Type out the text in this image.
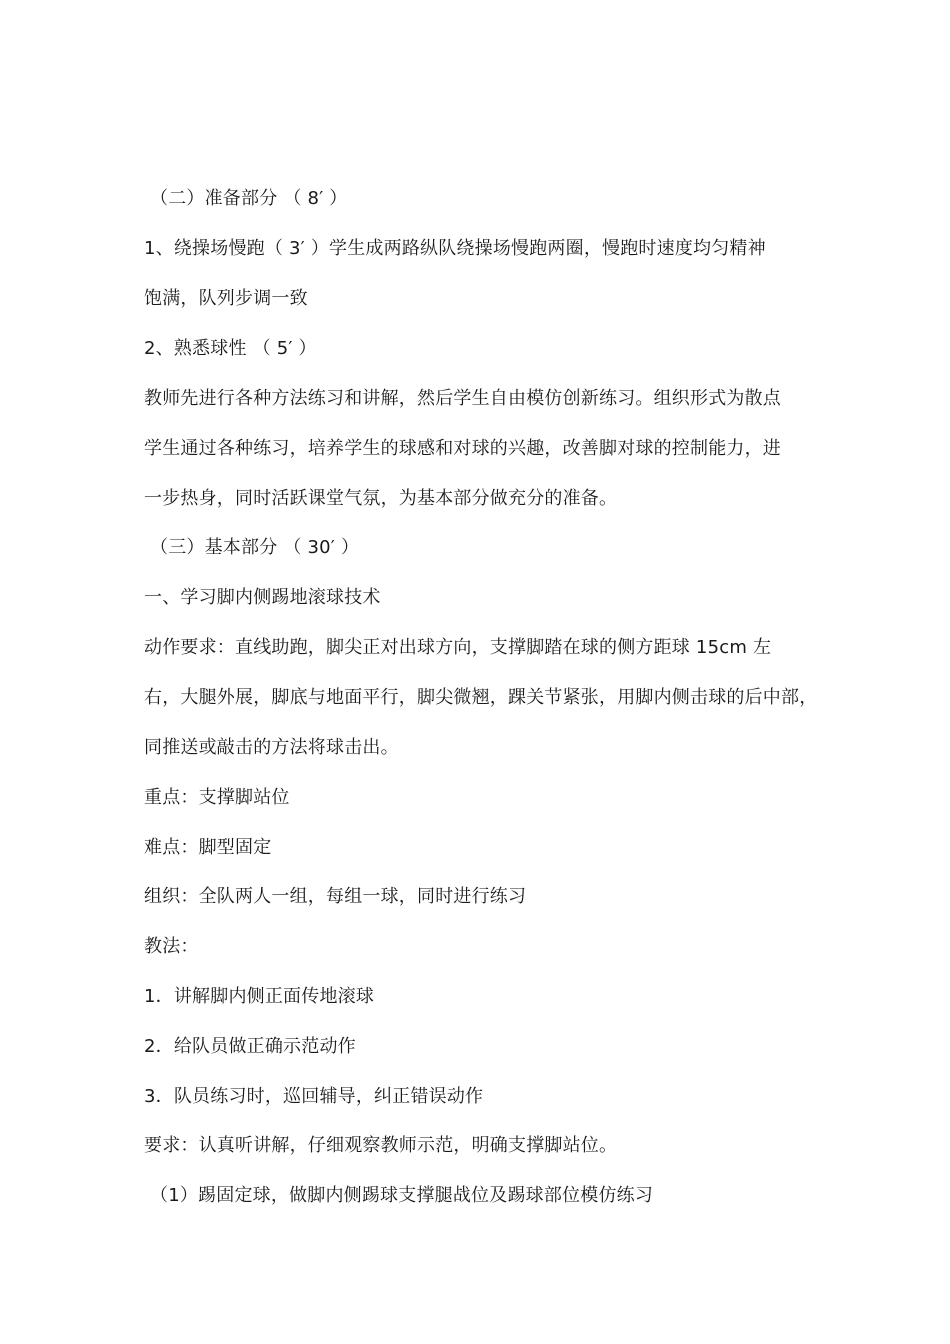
（二）准备部分 （ 8′ ）
1、绕操场慢跑（ 3′ ）学生成两路纵队绕操场慢跑两圈，慢跑时速度均匀精神
饱满，队列步调一致
2、熟悉球性 （ 5′ ）
教师先进行各种方法练习和讲解，然后学生自由模仿创新练习。组织形式为散点
学生通过各种练习，培养学生的球感和对球的兴趣，改善脚对球的控制能力，进
一步热身，同时活跃课堂气氛，为基本部分做充分的准备。
（三）基本部分 （ 30′ ）
一、学习脚内侧踢地滚球技术
动作要求：直线助跑，脚尖正对出球方向，支撑脚踏在球的侧方距球 15cm 左
右，大腿外展，脚底与地面平行，脚尖微翘，踝关节紧张，用脚内侧击球的后中部，
同推送或敲击的方法将球击出。
重点：支撑脚站位
难点：脚型固定
组织：全队两人一组，每组一球，同时进行练习
教法：
1．讲解脚内侧正面传地滚球
2．给队员做正确示范动作
3．队员练习时，巡回辅导，纠正错误动作
要求：认真听讲解，仔细观察教师示范，明确支撑脚站位。
（1）踢固定球，做脚内侧踢球支撑腿战位及踢球部位模仿练习
